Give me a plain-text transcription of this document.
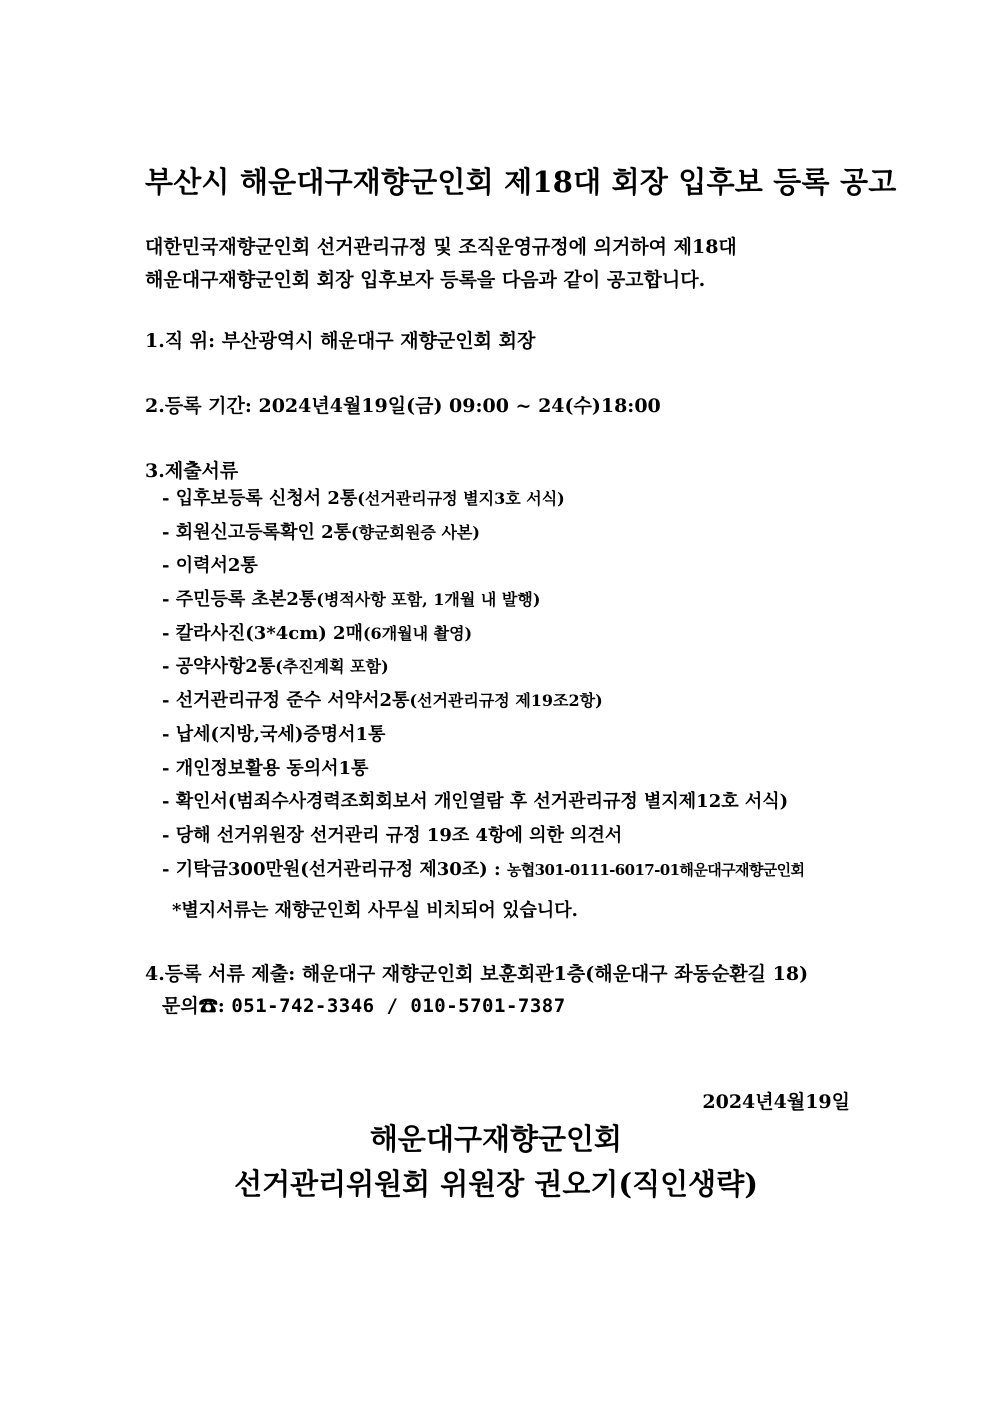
부산시 해운대구재향군인회 제18대 회장 입후보 등록 공고
대한민국재향군인회 선거관리규정 및 조직운영규정에 의거하여 제18대
해운대구재향군인회 회장 입후보자 등록을 다음과 같이 공고합니다.
1.직 위: 부산광역시 해운대구 재향군인회 회장
2.등록 기간: 2024년4월19일(금) 09:00 ~ 24(수)18:00
3.제출서류
- 입후보등록 신청서 2통(선거관리규정 별지3호 서식)
- 회원신고등록확인 2통(향군회원증 사본)
- 이력서2통
- 주민등록 초본2통(병적사항 포함, 1개월 내 발행)
- 칼라사진(3*4cm) 2매(6개월내 촬영)
- 공약사항2통(추진계획 포함)
- 선거관리규정 준수 서약서2통(선거관리규정 제19조2항)
- 납세(지방,국세)증명서1통
- 개인정보활용 동의서1통
- 확인서(범죄수사경력조회회보서 개인열람 후 선거관리규정 별지제12호 서식)
- 당해 선거위원장 선거관리 규정 19조 4항에 의한 의견서
- 기탁금300만원(선거관리규정 제30조) : 농협301-0111-6017-01해운대구재향군인회
*별지서류는 재향군인회 사무실 비치되어 있습니다.
4.등록 서류 제출: 해운대구 재향군인회 보훈회관1층(해운대구 좌동순환길 18)
문의☎: 051-742-3346 / 010-5701-7387
2024년4월19일
해운대구재향군인회
선거관리위원회 위원장 권오기(직인생략)
